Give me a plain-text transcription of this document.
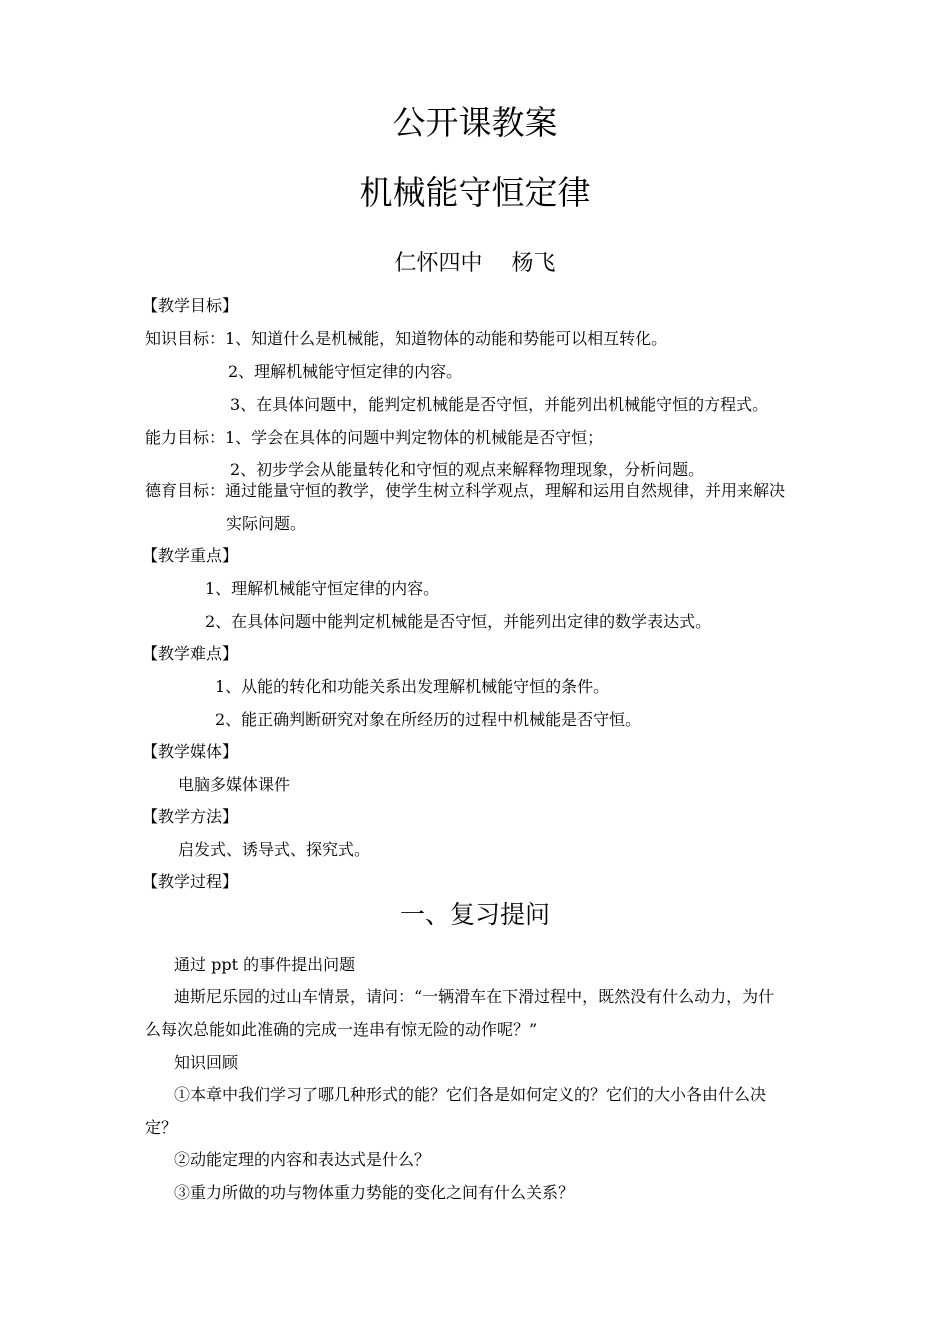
公开课教案
机械能守恒定律
仁怀四中　 杨飞
【教学目标】
知识目标：1、知道什么是机械能，知道物体的动能和势能可以相互转化。
2、理解机械能守恒定律的内容。
3、在具体问题中，能判定机械能是否守恒，并能列出机械能守恒的方程式。
能力目标：1、学会在具体的问题中判定物体的机械能是否守恒；
2、初步学会从能量转化和守恒的观点来解释物理现象，分析问题。
德育目标：通过能量守恒的教学，使学生树立科学观点，理解和运用自然规律，并用来解决
实际问题。
【教学重点】
1、理解机械能守恒定律的内容。
2、在具体问题中能判定机械能是否守恒，并能列出定律的数学表达式。
【教学难点】
1、从能的转化和功能关系出发理解机械能守恒的条件。
2、能正确判断研究对象在所经历的过程中机械能是否守恒。
【教学媒体】
电脑多媒体课件
【教学方法】
启发式、诱导式、探究式。
【教学过程】
一、复习提问
通过 ppt 的事件提出问题
迪斯尼乐园的过山车情景，请问：“一辆滑车在下滑过程中，既然没有什么动力，为什
么每次总能如此准确的完成一连串有惊无险的动作呢？”
知识回顾
①本章中我们学习了哪几种形式的能？它们各是如何定义的？它们的大小各由什么决
定？
②动能定理的内容和表达式是什么？
③重力所做的功与物体重力势能的变化之间有什么关系？
